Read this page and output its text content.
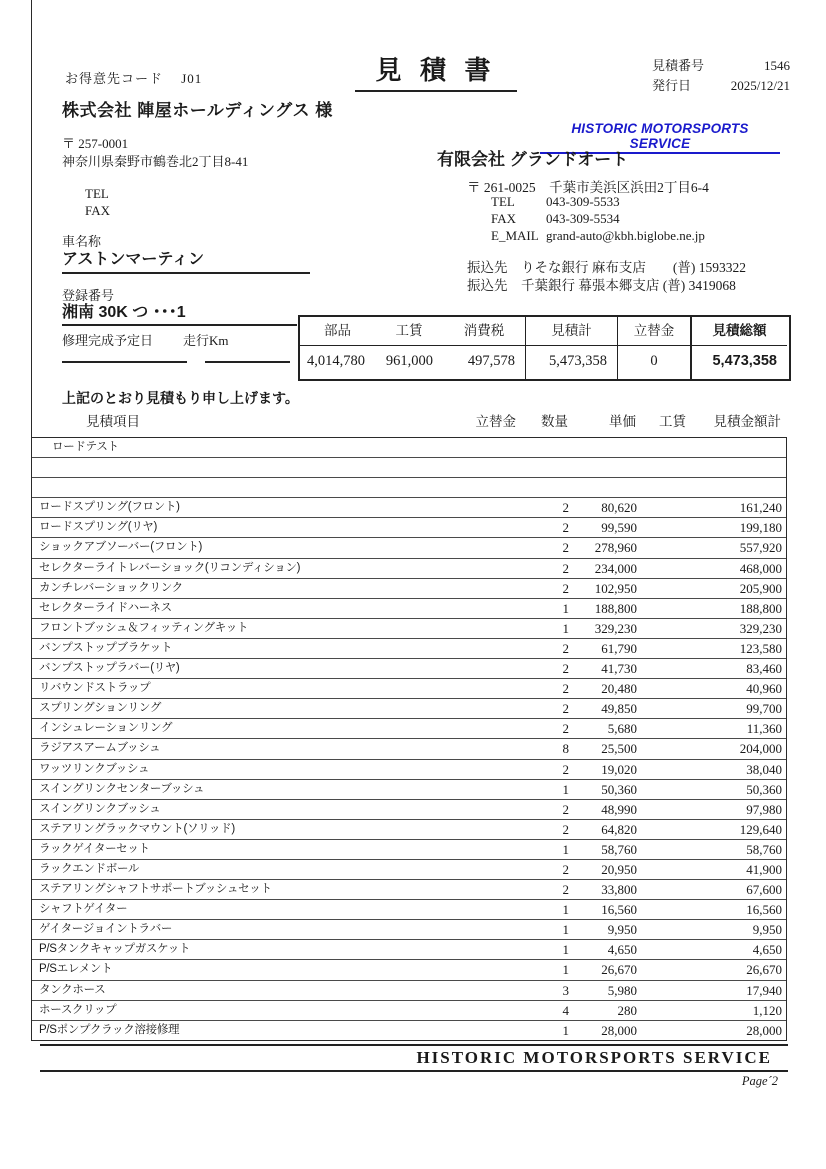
お得意先コード　 J01	見 積 書	見積番号	1546
発行日	2025/12/21
株式会社 陣屋ホールディングス 様
〒 257-0001
神奈川県秦野市鶴巻北2丁目8-41
TEL
FAX
HISTORIC MOTORSPORTS SERVICE
有限会社 グランドオート
〒 261-0025　千葉市美浜区浜田2丁目6-4
TEL	043-309-5533
FAX	043-309-5534
E_MAIL grand-auto@kbh.biglobe.ne.jp
振込先　りそな銀行 麻布支店　　(普) 1593322
振込先　千葉銀行 幕張本郷支店 (普) 3419068
車名称
アストンマーティン
登録番号
湘南 30K つ ･･･1
修理完成予定日 走行Km
部品	工賃	消費税	見積計	立替金	見積総額
4,014,780	961,000	497,578	5,473,358	0	5,473,358
上記のとおり見積もり申し上げます。
見積項目	立替金	数量	単価	工賃	見積金額計
ロードテスト
ロードスプリング(フロント)	2	80,620	161,240
ロードスプリング(リヤ)	2	99,590	199,180
ショックアブソーバー(フロント)	2	278,960	557,920
セレクターライトレバーショック(リコンディション)	2	234,000	468,000
カンチレバーショックリンク	2	102,950	205,900
セレクターライドハーネス	1	188,800	188,800
フロントブッシュ＆フィッティングキット	1	329,230	329,230
バンプストップブラケット	2	61,790	123,580
バンプストップラバー(リヤ)	2	41,730	83,460
リバウンドストラップ	2	20,480	40,960
スプリングションリング	2	49,850	99,700
インシュレーションリング	2	5,680	11,360
ラジアスアームブッシュ	8	25,500	204,000
ワッツリンクブッシュ	2	19,020	38,040
スイングリンクセンターブッシュ	1	50,360	50,360
スイングリンクブッシュ	2	48,990	97,980
ステアリングラックマウント(ソリッド)	2	64,820	129,640
ラックゲイターセット	1	58,760	58,760
ラックエンドボール	2	20,950	41,900
ステアリングシャフトサポートブッシュセット	2	33,800	67,600
シャフトゲイター	1	16,560	16,560
ゲイタージョイントラバー	1	9,950	9,950
P/Sタンクキャップガスケット	1	4,650	4,650
P/Sエレメント	1	26,670	26,670
タンクホース	3	5,980	17,940
ホースクリップ	4	280	1,120
P/Sポンプクラック溶接修理	1	28,000	28,000
HISTORIC MOTORSPORTS SERVICE
Page´2
